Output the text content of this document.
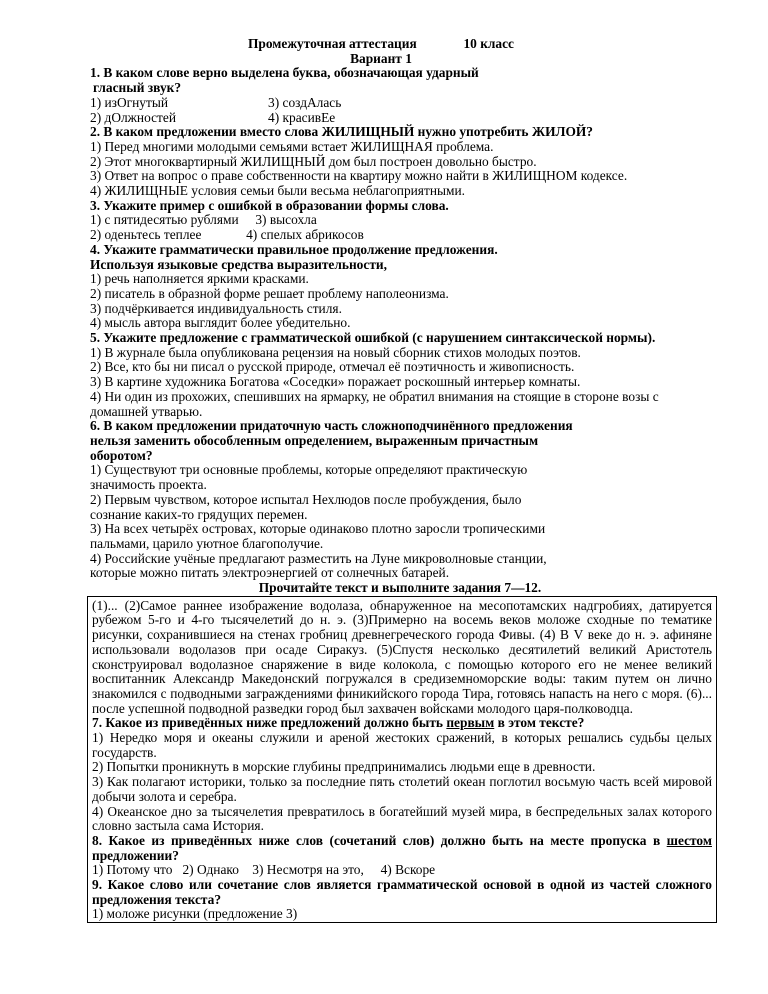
Промежуточная аттестация	10 класс
Вариант 1
1. В каком слове верно выделена буква, обозначающая ударный
гласный звук?
1) изОгнутый	3) создАлась
2) дОлжностей	4) красивЕе
2. В каком предложении вместо слова ЖИЛИЩНЫЙ нужно употребить ЖИЛОЙ?
1) Перед многими молодыми семьями встает ЖИЛИЩНАЯ проблема.
2) Этот многоквартирный ЖИЛИЩНЫЙ дом был построен довольно быстро.
3) Ответ на вопрос о праве собственности на квартиру можно найти в ЖИЛИЩНОМ кодексе.
4) ЖИЛИЩНЫЕ условия семьи были весьма неблагоприятными.
3. Укажите пример с ошибкой в образовании формы слова.
1) с пятидесятью рублями 3) высохла
2) оденьтесь теплее	4) спелых абрикосов
4. Укажите грамматически правильное продолжение предложения.
Используя языковые средства выразительности,
1) речь наполняется яркими красками.
2) писатель в образной форме решает проблему наполеонизма.
3) подчёркивается индивидуальность стиля.
4) мысль автора выглядит более убедительно.
5. Укажите предложение с грамматической ошибкой (с нарушением синтаксической нормы).
1) В журнале была опубликована рецензия на новый сборник стихов молодых поэтов.
2) Все, кто бы ни писал о русской природе, отмечал её поэтичность и живописность.
3) В картине художника Богатова «Соседки» поражает роскошный интерьер комнаты.
4) Ни один из прохожих, спешивших на ярмарку, не обратил внимания на стоящие в стороне возы с
домашней утварью.
6. В каком предложении придаточную часть сложноподчинённого предложения
нельзя заменить обособленным определением, выраженным причастным
оборотом?
1) Существуют три основные проблемы, которые определяют практическую
значимость проекта.
2) Первым чувством, которое испытал Нехлюдов после пробуждения, было
сознание каких-то грядущих перемен.
3) На всех четырёх островах, которые одинаково плотно заросли тропическими
пальмами, царило уютное благополучие.
4) Российские учёные предлагают разместить на Луне микроволновые станции,
которые можно питать электроэнергией от солнечных батарей.
Прочитайте текст и выполните задания 7—12.

(1)... (2)Самое раннее изображение водолаза, обнаруженное на месопотамских надгробиях, датируется рубежом 5-го и 4-го тысячелетий до н. э. (3)Примерно на восемь веков моложе сходные по тематике рисунки, сохранившиеся на стенах гробниц древнегреческого города Фивы. (4) В V веке до н. э. афиняне использовали водолазов при осаде Сиракуз. (5)Спустя несколько десятилетий великий Аристотель сконструировал водолазное снаряжение в виде колокола, с помощью которого его не менее великий воспитанник Александр Македонский погружался в средиземноморские воды: таким путем он лично знакомился с подводными заграждениями финикийского города Тира, готовясь напасть на него с моря. (6)... после успешной подводной разведки город был захвачен войсками молодого царя-полководца.

7. Какое из приведённых ниже предложений должно быть первым в этом тексте?

1) Нередко моря и океаны служили и ареной жестоких сражений, в которых решались судьбы целых государств.

2) Попытки проникнуть в морские глубины предпринимались людьми еще в древности.

3) Как полагают историки, только за последние пять столетий океан поглотил восьмую часть всей мировой добычи золота и серебра.

4) Океанское дно за тысячелетия превратилось в богатейший музей мира, в беспредельных залах которого словно застыла сама История.

8. Какое из приведённых ниже слов (сочетаний слов) должно быть на месте пропуска в шестом предложении?

1) Потому что   2) Однако    3) Несмотря на это,     4) Вскоре

9. Какое слово или сочетание слов является грамматической основой в одной из частей сложного предложения текста?

1) моложе рисунки (предложение 3)
